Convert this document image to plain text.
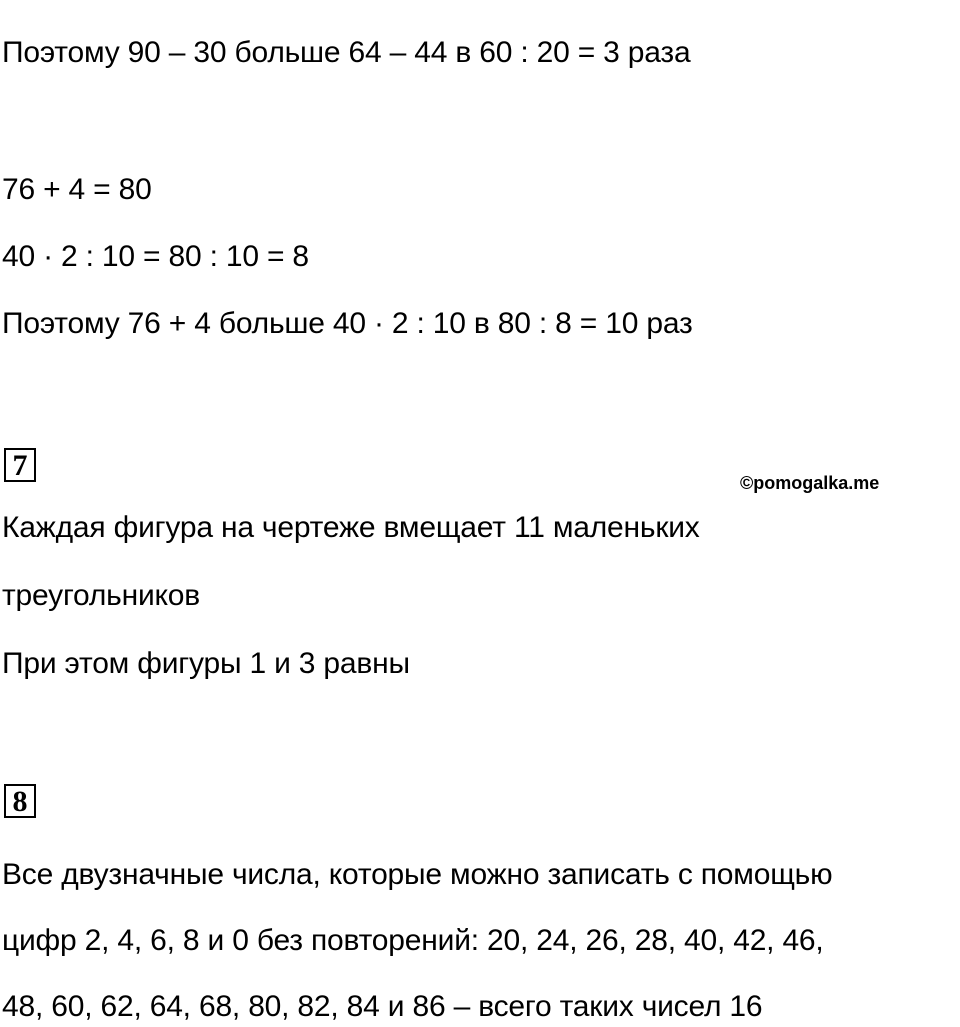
Поэтому 90 – 30 больше 64 – 44 в 60 : 20 = 3 раза
76 + 4 = 80
40 · 2 : 10 = 80 : 10 = 8
Поэтому 76 + 4 больше 40 · 2 : 10 в 80 : 8 = 10 раз
7
©pomogalka.me
Каждая фигура на чертеже вмещает 11 маленьких
треугольников
При этом фигуры 1 и 3 равны
8
Все двузначные числа, которые можно записать с помощью
цифр 2, 4, 6, 8 и 0 без повторений: 20, 24, 26, 28, 40, 42, 46,
48, 60, 62, 64, 68, 80, 82, 84 и 86 – всего таких чисел 16
